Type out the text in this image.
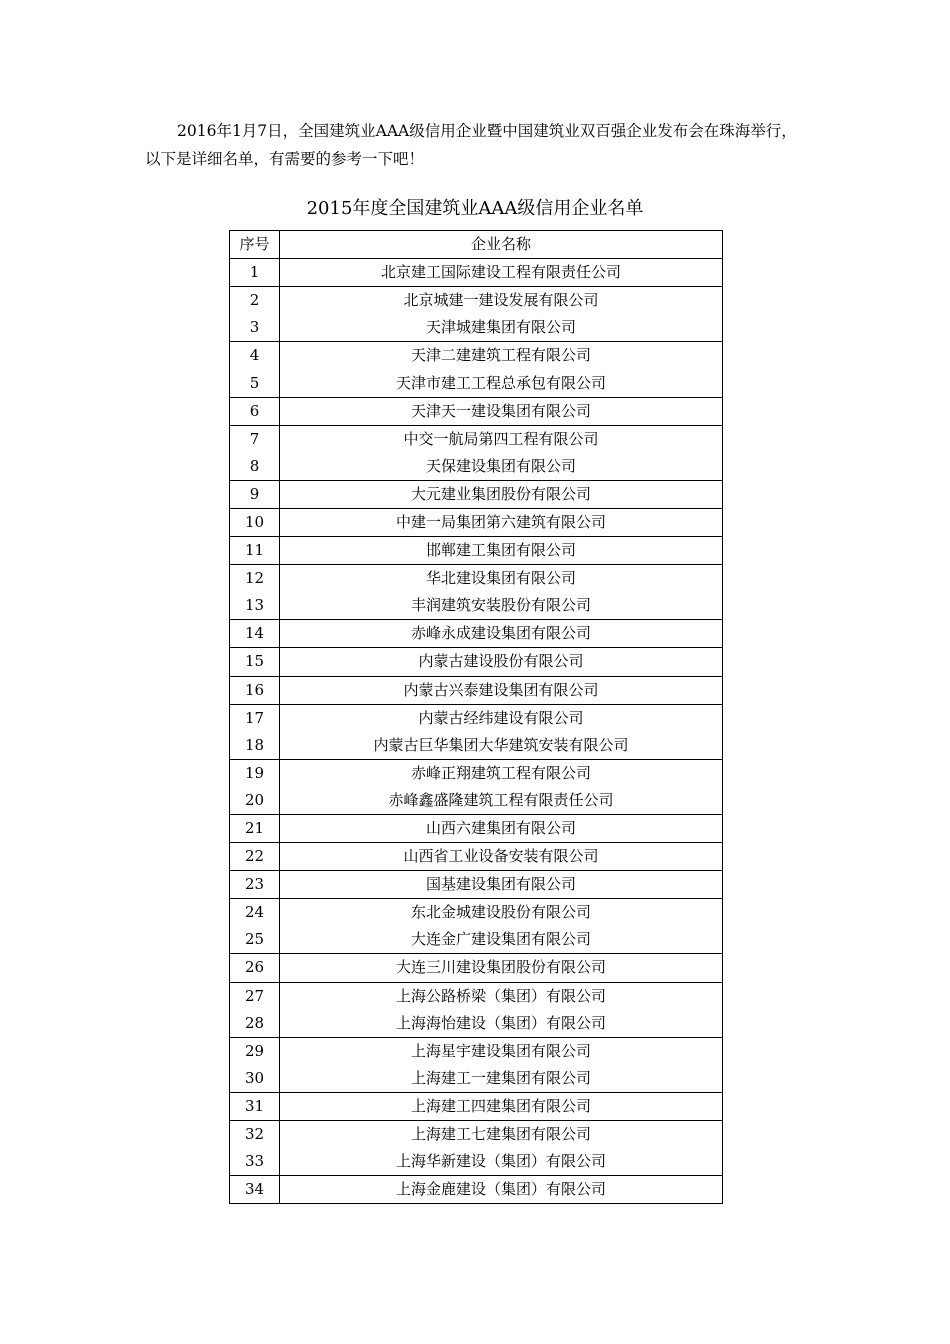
2016年1月7日，全国建筑业AAA级信用企业暨中国建筑业双百强企业发布会在珠海举行，以下是详细名单，有需要的参考一下吧！

2015年度全国建筑业AAA级信用企业名单
序号	企业名称
1	北京建工国际建设工程有限责任公司
2	北京城建一建设发展有限公司
3	天津城建集团有限公司
4	天津二建建筑工程有限公司
5	天津市建工工程总承包有限公司
6	天津天一建设集团有限公司
7	中交一航局第四工程有限公司
8	天保建设集团有限公司
9	大元建业集团股份有限公司
10	中建一局集团第六建筑有限公司
11	邯郸建工集团有限公司
12	华北建设集团有限公司
13	丰润建筑安装股份有限公司
14	赤峰永成建设集团有限公司
15	内蒙古建设股份有限公司
16	内蒙古兴泰建设集团有限公司
17	内蒙古经纬建设有限公司
18	内蒙古巨华集团大华建筑安装有限公司
19	赤峰正翔建筑工程有限公司
20	赤峰鑫盛隆建筑工程有限责任公司
21	山西六建集团有限公司
22	山西省工业设备安装有限公司
23	国基建设集团有限公司
24	东北金城建设股份有限公司
25	大连金广建设集团有限公司
26	大连三川建设集团股份有限公司
27	上海公路桥梁（集团）有限公司
28	上海海怡建设（集团）有限公司
29	上海星宇建设集团有限公司
30	上海建工一建集团有限公司
31	上海建工四建集团有限公司
32	上海建工七建集团有限公司
33	上海华新建设（集团）有限公司
34	上海金鹿建设（集团）有限公司
